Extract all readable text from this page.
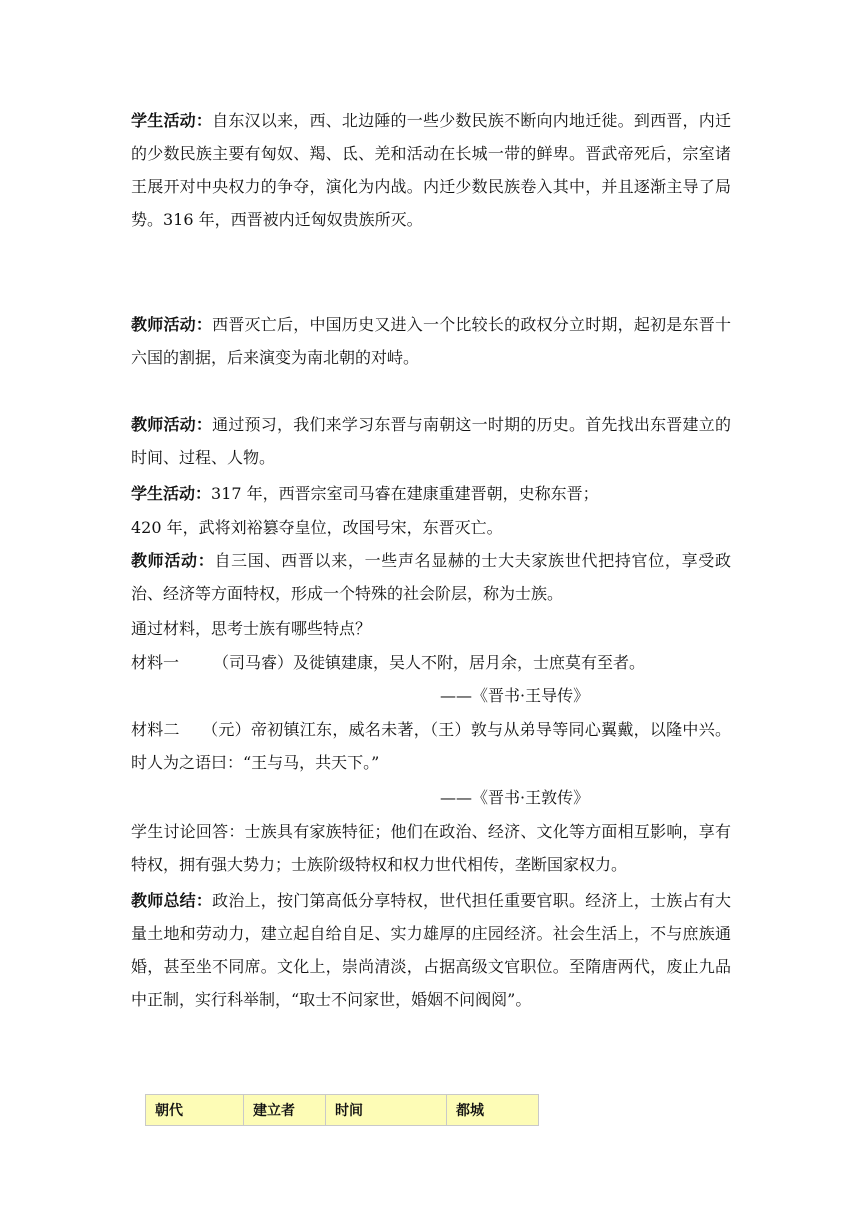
学生活动：自东汉以来，西、北边陲的一些少数民族不断向内地迁徙。到西晋，内迁的少数民族主要有匈奴、羯、氐、羌和活动在长城一带的鲜卑。晋武帝死后，宗室诸王展开对中央权力的争夺，演化为内战。内迁少数民族卷入其中，并且逐渐主导了局势。316 年，西晋被内迁匈奴贵族所灭。

教师活动：西晋灭亡后，中国历史又进入一个比较长的政权分立时期，起初是东晋十六国的割据，后来演变为南北朝的对峙。

教师活动：通过预习，我们来学习东晋与南朝这一时期的历史。首先找出东晋建立的时间、过程、人物。

学生活动：317 年，西晋宗室司马睿在建康重建晋朝，史称东晋；

420 年，武将刘裕篡夺皇位，改国号宋，东晋灭亡。

教师活动：自三国、西晋以来，一些声名显赫的士大夫家族世代把持官位，享受政治、经济等方面特权，形成一个特殊的社会阶层，称为士族。

通过材料，思考士族有哪些特点？

材料一 （司马睿）及徙镇建康，吴人不附，居月余，士庶莫有至者。

——《晋书·王导传》

材料二 （元）帝初镇江东，威名未著，（王）敦与从弟导等同心翼戴，以隆中兴。时人为之语曰：“王与马，共天下。”

——《晋书·王敦传》

学生讨论回答：士族具有家族特征；他们在政治、经济、文化等方面相互影响，享有特权，拥有强大势力；士族阶级特权和权力世代相传，垄断国家权力。

教师总结：政治上，按门第高低分享特权，世代担任重要官职。经济上，士族占有大量土地和劳动力，建立起自给自足、实力雄厚的庄园经济。社会生活上，不与庶族通婚，甚至坐不同席。文化上，崇尚清淡，占据高级文官职位。至隋唐两代，废止九品中正制，实行科举制，“取士不问家世，婚姻不问阀阅”。

朝代	建立者	时间	都城
